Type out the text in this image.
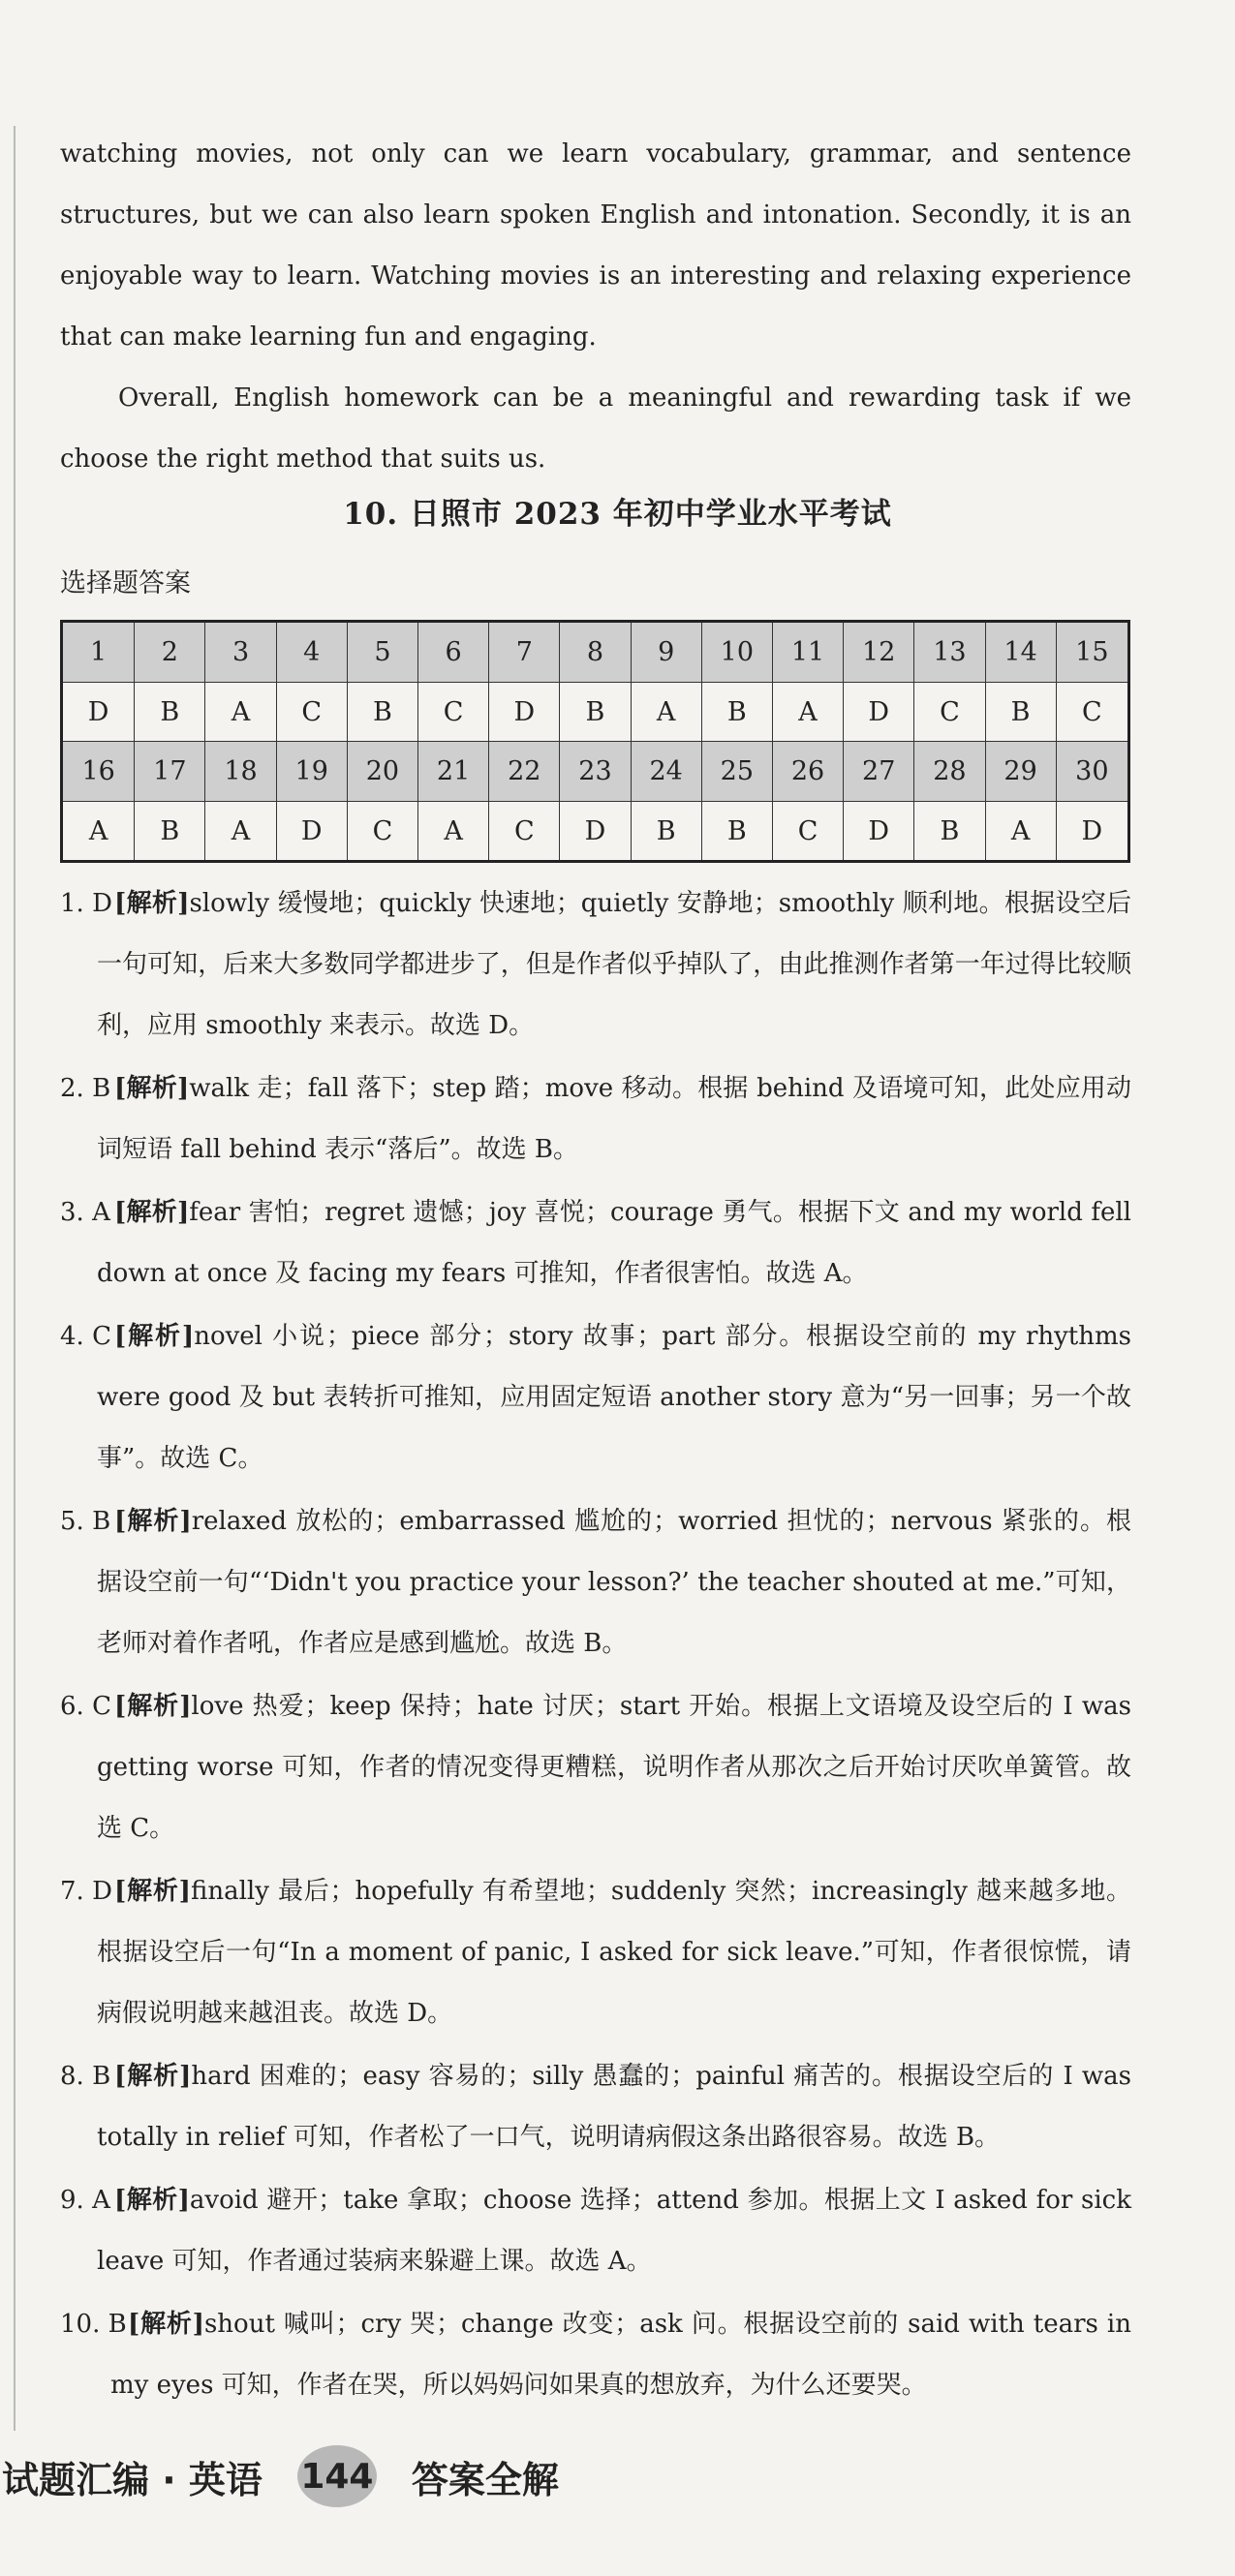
watching movies, not only can we learn vocabulary, grammar, and sentence structures, but we can also learn spoken English and intonation. Secondly, it is an enjoyable way to learn. Watching movies is an interesting and relaxing experience that can make learning fun and engaging.

Overall, English homework can be a meaningful and rewarding task if we choose the right method that suits us.

10. 日照市 2023 年初中学业水平考试
选择题答案
1	2	3	4	5	6	7	8	9	10	11	12	13	14	15
D	B	A	C	B	C	D	B	A	B	A	D	C	B	C
16	17	18	19	20	21	22	23	24	25	26	27	28	29	30
A	B	A	D	C	A	C	D	B	B	C	D	B	A	D
1. D [解析]slowly 缓慢地；quickly 快速地；quietly 安静地；smoothly 顺利地。根据设空后一句可知，后来大多数同学都进步了，但是作者似乎掉队了，由此推测作者第一年过得比较顺利，应用 smoothly 来表示。故选 D。
2. B [解析]walk 走；fall 落下；step 踏；move 移动。根据 behind 及语境可知，此处应用动词短语 fall behind 表示“落后”。故选 B。
3. A [解析]fear 害怕；regret 遗憾；joy 喜悦；courage 勇气。根据下文 and my world fell down at once 及 facing my fears 可推知，作者很害怕。故选 A。
4. C [解析]novel 小说；piece 部分；story 故事；part 部分。根据设空前的 my rhythms were good 及 but 表转折可推知，应用固定短语 another story 意为“另一回事；另一个故事”。故选 C。
5. B [解析]relaxed 放松的；embarrassed 尴尬的；worried 担忧的；nervous 紧张的。根据设空前一句“‘Didn't you practice your lesson?’ the teacher shouted at me.”可知，老师对着作者吼，作者应是感到尴尬。故选 B。
6. C [解析]love 热爱；keep 保持；hate 讨厌；start 开始。根据上文语境及设空后的 I was getting worse 可知，作者的情况变得更糟糕，说明作者从那次之后开始讨厌吹单簧管。故选 C。
7. D [解析]finally 最后；hopefully 有希望地；suddenly 突然；increasingly 越来越多地。根据设空后一句“In a moment of panic, I asked for sick leave.”可知，作者很惊慌，请病假说明越来越沮丧。故选 D。
8. B [解析]hard 困难的；easy 容易的；silly 愚蠢的；painful 痛苦的。根据设空后的 I was totally in relief 可知，作者松了一口气，说明请病假这条出路很容易。故选 B。
9. A [解析]avoid 避开；take 拿取；choose 选择；attend 参加。根据上文 I asked for sick leave 可知，作者通过装病来躲避上课。故选 A。
10. B [解析]shout 喊叫；cry 哭；change 改变；ask 问。根据设空前的 said with tears in my eyes 可知，作者在哭，所以妈妈问如果真的想放弃，为什么还要哭。
试题汇编 · 英语 144 答案全解
